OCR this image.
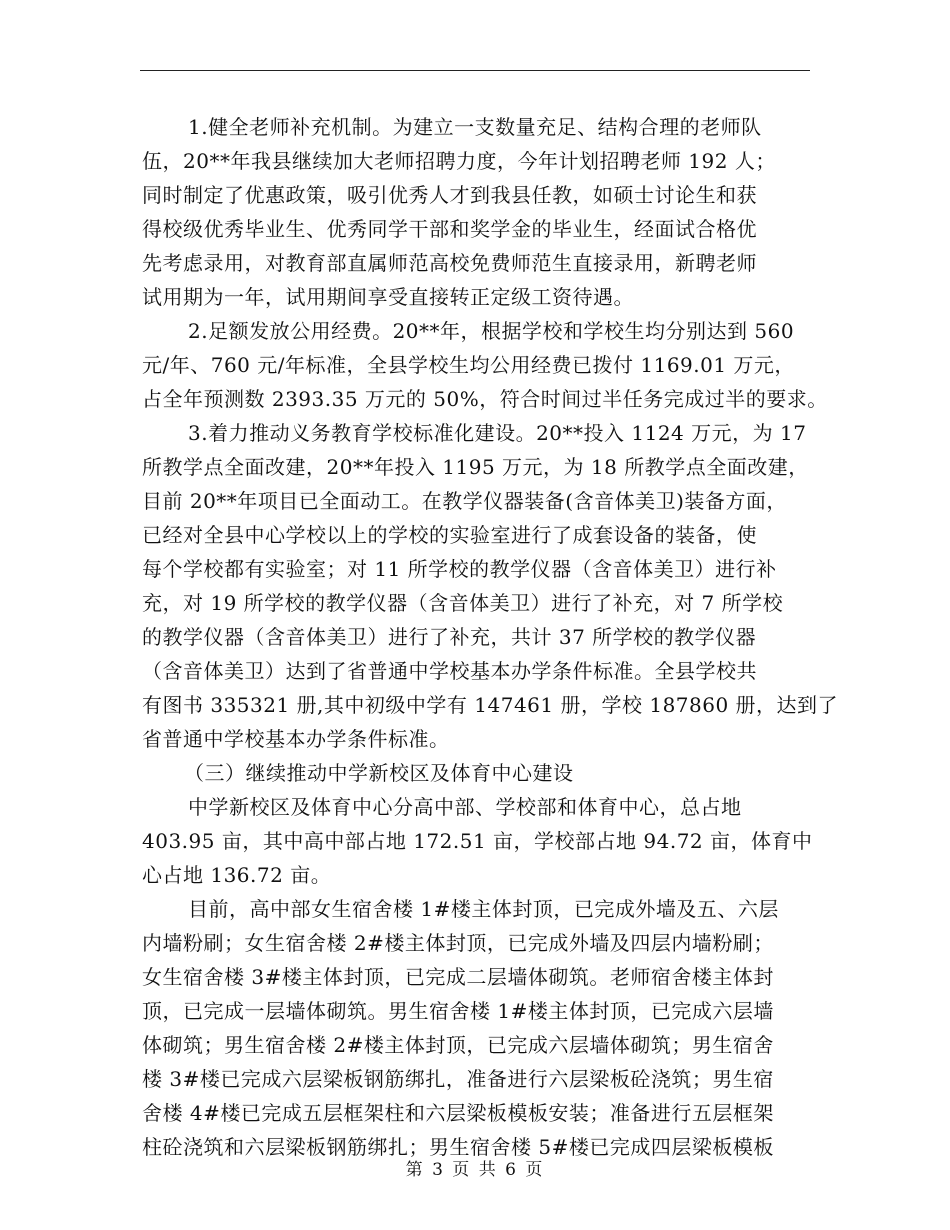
1.健全老师补充机制。为建立一支数量充足、结构合理的老师队
伍，20**年我县继续加大老师招聘力度，今年计划招聘老师 192 人；
同时制定了优惠政策，吸引优秀人才到我县任教，如硕士讨论生和获
得校级优秀毕业生、优秀同学干部和奖学金的毕业生，经面试合格优
先考虑录用，对教育部直属师范高校免费师范生直接录用，新聘老师
试用期为一年，试用期间享受直接转正定级工资待遇。
2.足额发放公用经费。20**年，根据学校和学校生均分别达到 560
元/年、760 元/年标准，全县学校生均公用经费已拨付 1169.01 万元，
占全年预测数 2393.35 万元的 50%，符合时间过半任务完成过半的要求。
3.着力推动义务教育学校标准化建设。20**投入 1124 万元，为 17
所教学点全面改建，20**年投入 1195 万元，为 18 所教学点全面改建，
目前 20**年项目已全面动工。在教学仪器装备(含音体美卫)装备方面，
已经对全县中心学校以上的学校的实验室进行了成套设备的装备，使
每个学校都有实验室；对 11 所学校的教学仪器（含音体美卫）进行补
充，对 19 所学校的教学仪器（含音体美卫）进行了补充，对 7 所学校
的教学仪器（含音体美卫）进行了补充，共计 37 所学校的教学仪器
（含音体美卫）达到了省普通中学校基本办学条件标准。全县学校共
有图书 335321 册,其中初级中学有 147461 册，学校 187860 册，达到了
省普通中学校基本办学条件标准。
（三）继续推动中学新校区及体育中心建设
中学新校区及体育中心分高中部、学校部和体育中心，总占地
403.95 亩，其中高中部占地 172.51 亩，学校部占地 94.72 亩，体育中
心占地 136.72 亩。
目前，高中部女生宿舍楼 1#楼主体封顶，已完成外墙及五、六层
内墙粉刷；女生宿舍楼 2#楼主体封顶，已完成外墙及四层内墙粉刷；
女生宿舍楼 3#楼主体封顶，已完成二层墙体砌筑。老师宿舍楼主体封
顶，已完成一层墙体砌筑。男生宿舍楼 1#楼主体封顶，已完成六层墙
体砌筑；男生宿舍楼 2#楼主体封顶，已完成六层墙体砌筑；男生宿舍
楼 3#楼已完成六层梁板钢筋绑扎，准备进行六层梁板砼浇筑；男生宿
舍楼 4#楼已完成五层框架柱和六层梁板模板安装；准备进行五层框架
柱砼浇筑和六层梁板钢筋绑扎；男生宿舍楼 5#楼已完成四层梁板模板
第 3 页 共 6 页
